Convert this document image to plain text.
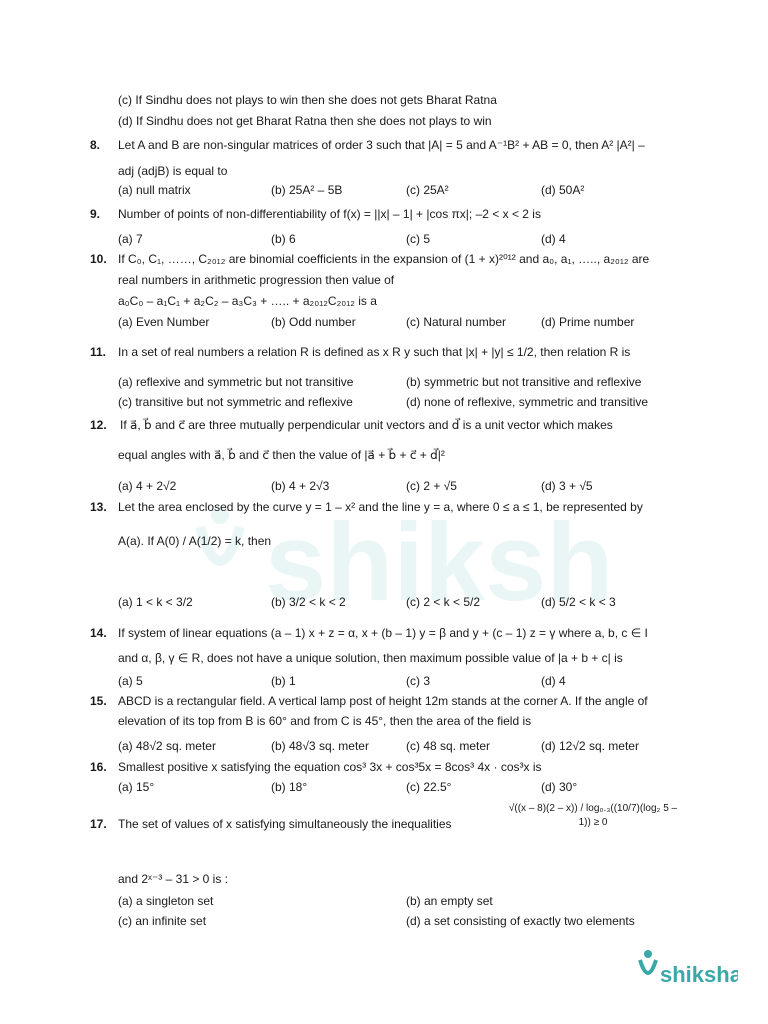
shiksh
(c) If Sindhu does not plays to win then she does not gets Bharat Ratna
(d) If Sindhu does not get Bharat Ratna then she does not plays to win
8. Let A and B are non-singular matrices of order 3 such that |A| = 5 and A⁻¹B² + AB = 0, then A² |A²| –
adj (adjB) is equal to
(a) null matrix	(b) 25A² – 5B	(c) 25A²	(d) 50A²
9. Number of points of non-differentiability of f(x) = ||x| – 1| + |cos πx|; –2 < x < 2 is
(a) 7	(b) 6	(c) 5	(d) 4
10. If C₀, C₁, ……, C₂₀₁₂ are binomial coefficients in the expansion of (1 + x)²⁰¹² and a₀, a₁, ….., a₂₀₁₂ are
real numbers in arithmetic progression then value of
a₀C₀ – a₁C₁ + a₂C₂ – a₃C₃ + ….. + a₂₀₁₂C₂₀₁₂ is a
(a) Even Number	(b) Odd number	(c) Natural number	(d) Prime number
11. In a set of real numbers a relation R is defined as x R y such that |x| + |y| ≤ 1/2, then relation R is
(a) reflexive and symmetric but not transitive	(b) symmetric but not transitive and reflexive
(c) transitive but not symmetric and reflexive	(d) none of reflexive, symmetric and transitive
12. If a⃗, b⃗ and c⃗ are three mutually perpendicular unit vectors and d⃗ is a unit vector which makes
equal angles with a⃗, b⃗ and c⃗ then the value of |a⃗ + b⃗ + c⃗ + d⃗|²
(a) 4 + 2√2	(b) 4 + 2√3	(c) 2 + √5	(d) 3 + √5
13. Let the area enclosed by the curve y = 1 – x² and the line y = a, where 0 ≤ a ≤ 1, be represented by
A(a). If A(0) / A(1/2) = k, then
(a) 1 < k < 3/2	(b) 3/2 < k < 2	(c) 2 < k < 5/2	(d) 5/2 < k < 3
14. If system of linear equations (a – 1) x + z = α, x + (b – 1) y = β and y + (c – 1) z = γ where a, b, c ∈ I
and α, β, γ ∈ R, does not have a unique solution, then maximum possible value of |a + b + c| is
(a) 5	(b) 1	(c) 3	(d) 4
15. ABCD is a rectangular field. A vertical lamp post of height 12m stands at the corner A. If the angle of
elevation of its top from B is 60° and from C is 45°, then the area of the field is
(a) 48√2 sq. meter	(b) 48√3 sq. meter	(c) 48 sq. meter	(d) 12√2 sq. meter
16. Smallest positive x satisfying the equation cos³ 3x + cos³5x = 8cos³ 4x · cos³x is
(a) 15°	(b) 18°	(c) 22.5°	(d) 30°
17. The set of values of x satisfying simultaneously the inequalities
√((x – 8)(2 – x)) / log₀.₃((10/7)(log₂ 5 – 1)) ≥ 0
and 2ˣ⁻³ – 31 > 0 is :
(a) a singleton set	(b) an empty set
(c) an infinite set	(d) a set consisting of exactly two elements
shiksha
